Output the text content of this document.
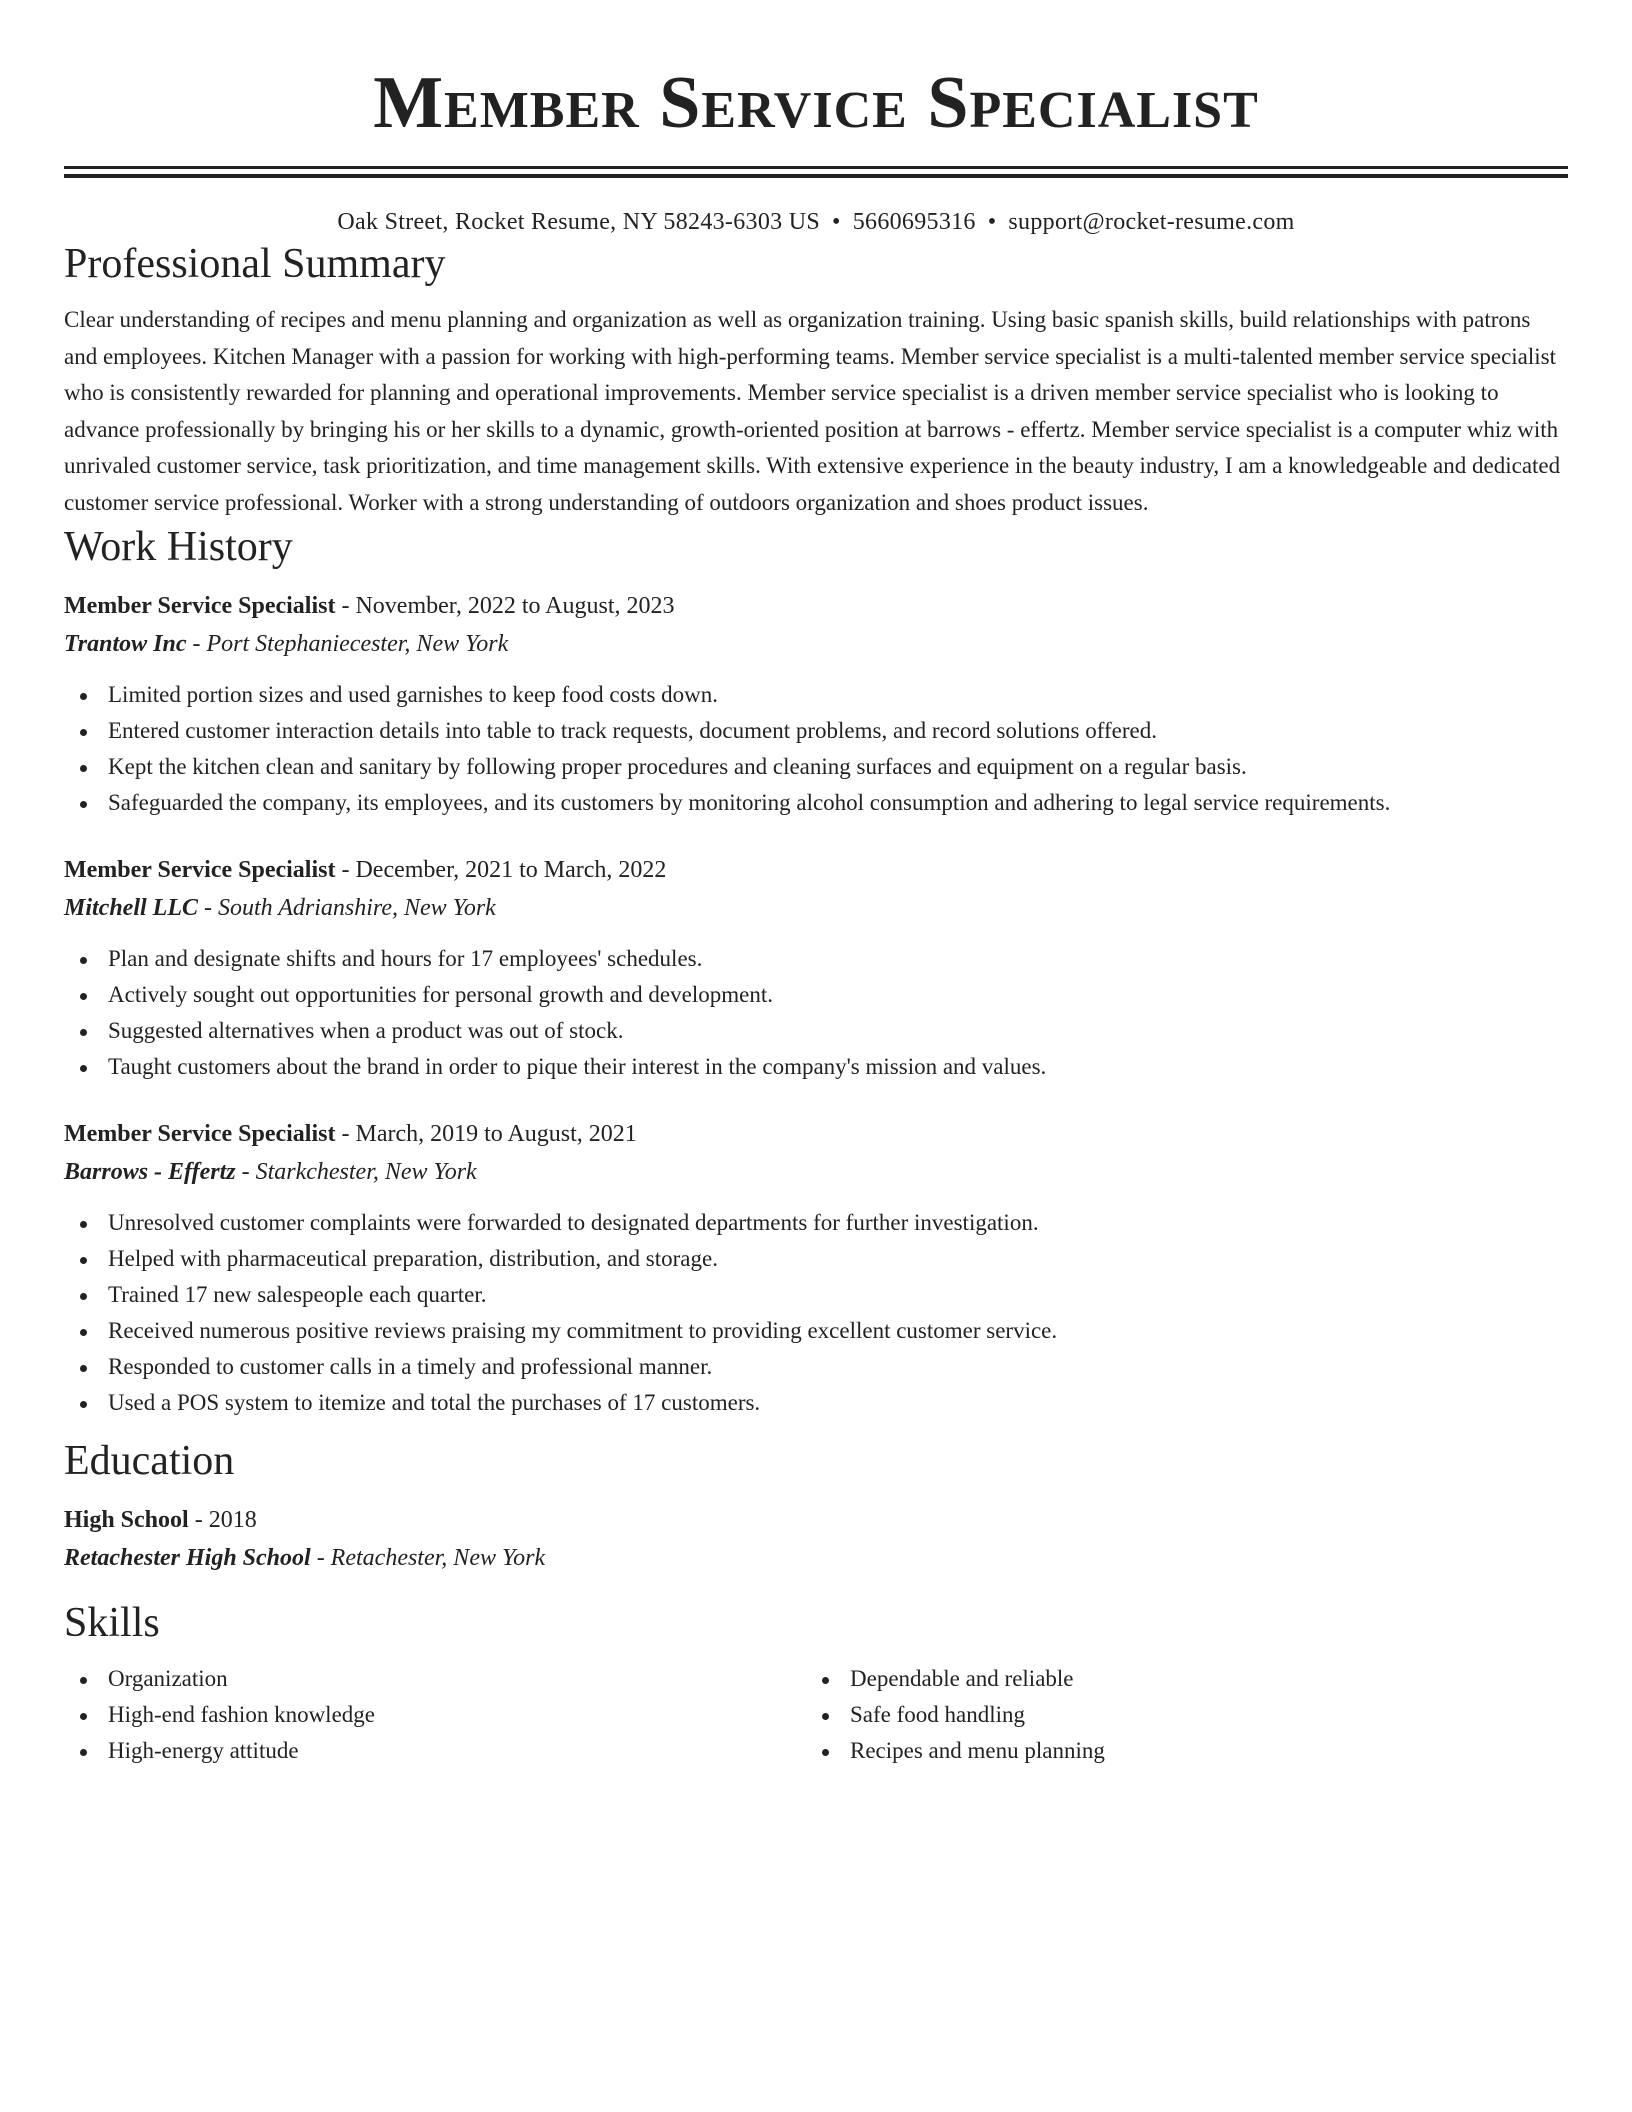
Member Service Specialist
Oak Street, Rocket Resume, NY 58243-6303 US • 5660695316 • support@rocket-resume.com
Professional Summary

Clear understanding of recipes and menu planning and organization as well as organization training. Using basic spanish skills, build relationships with patrons and employees. Kitchen Manager with a passion for working with high-performing teams. Member service specialist is a multi-talented member service specialist who is consistently rewarded for planning and operational improvements. Member service specialist is a driven member service specialist who is looking to advance professionally by bringing his or her skills to a dynamic, growth-oriented position at barrows - effertz. Member service specialist is a computer whiz with unrivaled customer service, task prioritization, and time management skills. With extensive experience in the beauty industry, I am a knowledgeable and dedicated customer service professional. Worker with a strong understanding of outdoors organization and shoes product issues.

Work History
Member Service Specialist - November, 2022 to August, 2023
Trantow Inc - Port Stephaniecester, New York
Limited portion sizes and used garnishes to keep food costs down.
Entered customer interaction details into table to track requests, document problems, and record solutions offered.
Kept the kitchen clean and sanitary by following proper procedures and cleaning surfaces and equipment on a regular basis.
Safeguarded the company, its employees, and its customers by monitoring alcohol consumption and adhering to legal service requirements.
Member Service Specialist - December, 2021 to March, 2022
Mitchell LLC - South Adrianshire, New York
Plan and designate shifts and hours for 17 employees' schedules.
Actively sought out opportunities for personal growth and development.
Suggested alternatives when a product was out of stock.
Taught customers about the brand in order to pique their interest in the company's mission and values.
Member Service Specialist - March, 2019 to August, 2021
Barrows - Effertz - Starkchester, New York
Unresolved customer complaints were forwarded to designated departments for further investigation.
Helped with pharmaceutical preparation, distribution, and storage.
Trained 17 new salespeople each quarter.
Received numerous positive reviews praising my commitment to providing excellent customer service.
Responded to customer calls in a timely and professional manner.
Used a POS system to itemize and total the purchases of 17 customers.
Education
High School - 2018
Retachester High School - Retachester, New York
Skills
Organization
High-end fashion knowledge
High-energy attitude
Dependable and reliable
Safe food handling
Recipes and menu planning
